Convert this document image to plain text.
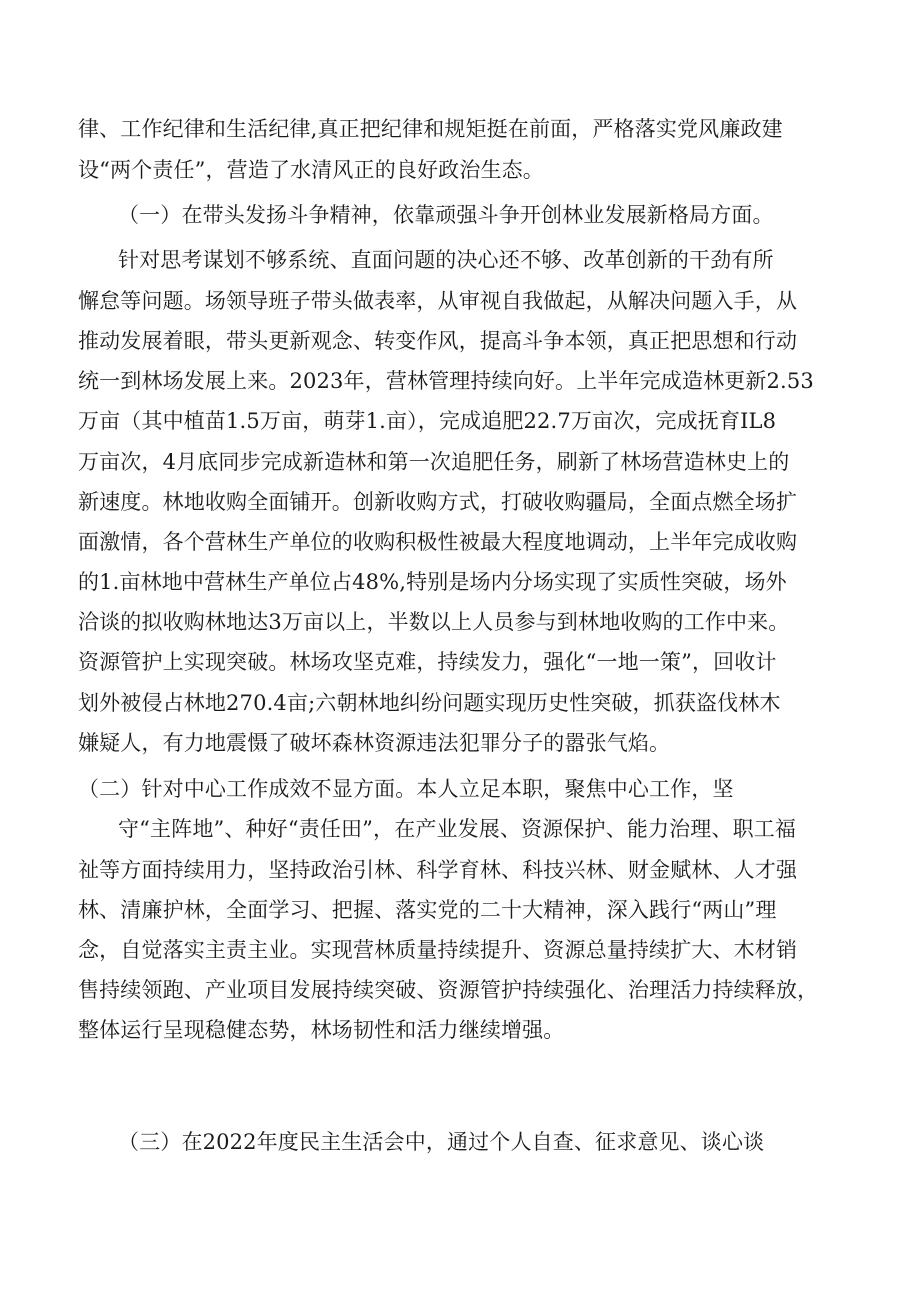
律、工作纪律和生活纪律,真正把纪律和规矩挺在前面，严格落实党风廉政建
设“两个责任”，营造了水清风正的良好政治生态。
（一）在带头发扬斗争精神，依靠顽强斗争开创林业发展新格局方面。
针对思考谋划不够系统、直面问题的决心还不够、改革创新的干劲有所
懈怠等问题。场领导班子带头做表率，从审视自我做起，从解决问题入手，从
推动发展着眼，带头更新观念、转变作风，提高斗争本领，真正把思想和行动
统一到林场发展上来。2023年，营林管理持续向好。上半年完成造林更新2.53
万亩（其中植苗1.5万亩，萌芽1.亩），完成追肥22.7万亩次，完成抚育IL8
万亩次，4月底同步完成新造林和第一次追肥任务，刷新了林场营造林史上的
新速度。林地收购全面铺开。创新收购方式，打破收购疆局，全面点燃全场扩
面激情，各个营林生产单位的收购积极性被最大程度地调动，上半年完成收购
的1.亩林地中营林生产单位占48%,特别是场内分场实现了实质性突破，场外
洽谈的拟收购林地达3万亩以上，半数以上人员参与到林地收购的工作中来。
资源管护上实现突破。林场攻坚克难，持续发力，强化“一地一策”，回收计
划外被侵占林地270.4亩;六朝林地纠纷问题实现历史性突破，抓获盗伐林木
嫌疑人，有力地震慑了破坏森林资源违法犯罪分子的嚣张气焰。
（二）针对中心工作成效不显方面。本人立足本职，聚焦中心工作，坚
守“主阵地”、种好“责任田”，在产业发展、资源保护、能力治理、职工福
祉等方面持续用力，坚持政治引林、科学育林、科技兴林、财金赋林、人才强
林、清廉护林，全面学习、把握、落实党的二十大精神，深入践行“两山”理
念，自觉落实主责主业。实现营林质量持续提升、资源总量持续扩大、木材销
售持续领跑、产业项目发展持续突破、资源管护持续强化、治理活力持续释放，
整体运行呈现稳健态势，林场韧性和活力继续增强。
（三）在2022年度民主生活会中，通过个人自查、征求意见、谈心谈
